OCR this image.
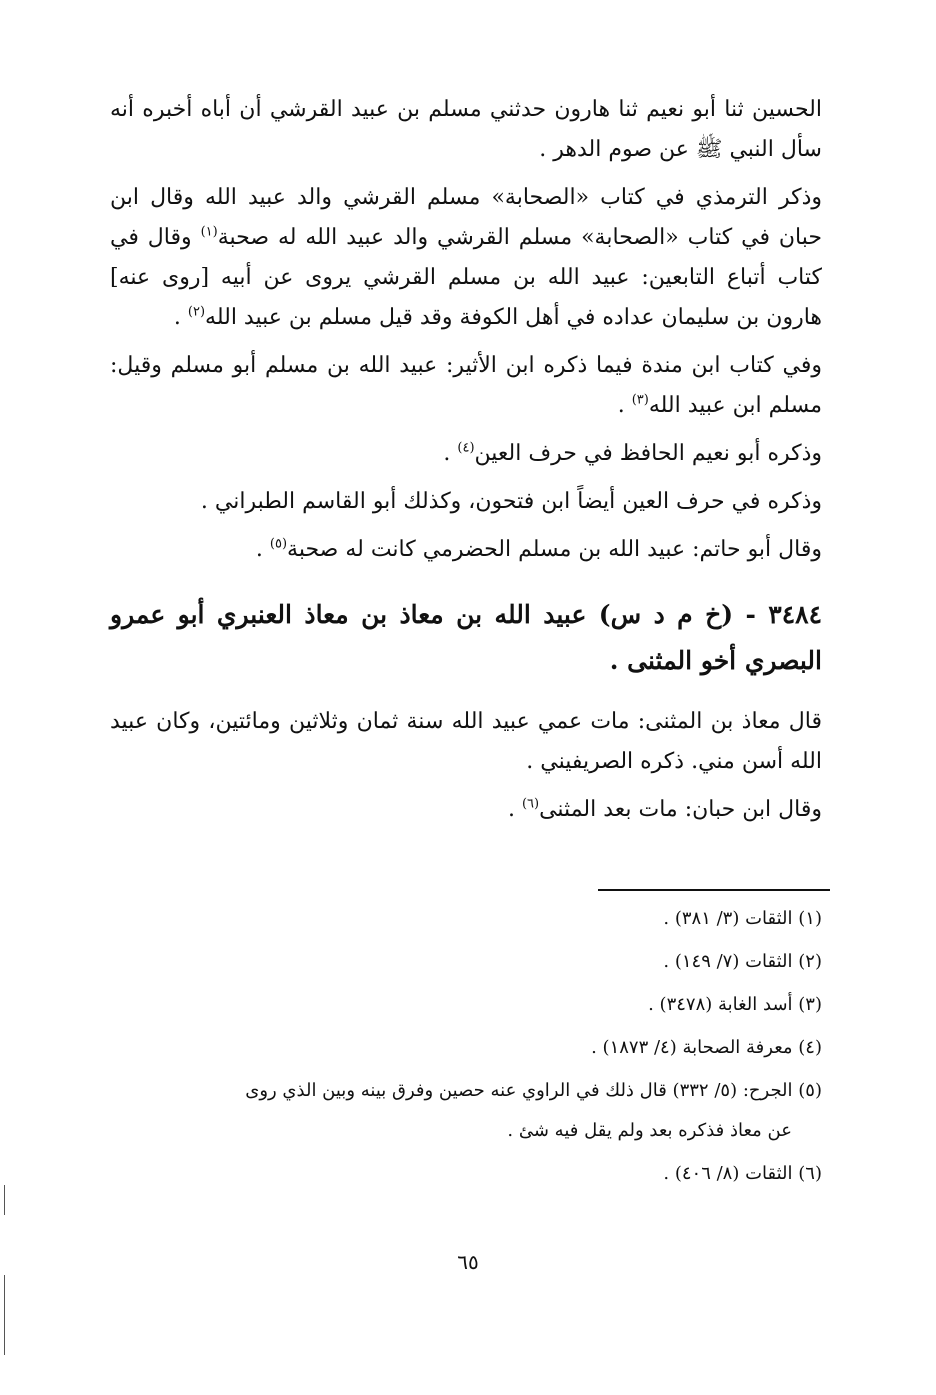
الحسين ثنا أبو نعيم ثنا هارون حدثني مسلم بن عبيد القرشي أن أباه أخبره أنه سأل النبي ﷺ عن صوم الدهر .

وذكر الترمذي في كتاب «الصحابة» مسلم القرشي والد عبيد الله وقال ابن حبان في كتاب «الصحابة» مسلم القرشي والد عبيد الله له صحبة$^{(١)}$ وقال في كتاب أتباع التابعين: عبيد الله بن مسلم القرشي يروى عن أبيه [روى عنه] هارون بن سليمان عداده في أهل الكوفة وقد قيل مسلم بن عبيد الله$^{(٢)}$ .

وفي كتاب ابن مندة فيما ذكره ابن الأثير: عبيد الله بن مسلم أبو مسلم وقيل: مسلم ابن عبيد الله$^{(٣)}$ .

وذكره أبو نعيم الحافظ في حرف العين$^{(٤)}$ .

وذكره في حرف العين أيضاً ابن فتحون، وكذلك أبو القاسم الطبراني .

وقال أبو حاتم: عبيد الله بن مسلم الحضرمي كانت له صحبة$^{(٥)}$ .

٣٤٨٤ - (خ م د س) عبيد الله بن معاذ بن معاذ العنبري أبو عمرو البصري أخو المثنى .

قال معاذ بن المثنى: مات عمي عبيد الله سنة ثمان وثلاثين ومائتين، وكان عبيد الله أسن مني. ذكره الصريفيني .

وقال ابن حبان: مات بعد المثنى$^{(٦)}$ .

(١) الثقات (٣/ ٣٨١) .

(٢) الثقات (٧/ ١٤٩) .

(٣) أسد الغابة (٣٤٧٨) .

(٤) معرفة الصحابة (٤/ ١٨٧٣) .

(٥) الجرح: (٥/ ٣٣٢) قال ذلك في الراوي عنه حصين وفرق بينه وبين الذي روى
عن معاذ فذكره بعد ولم يقل فيه شئ .

(٦) الثقات (٨/ ٤٠٦) .

٦٥
